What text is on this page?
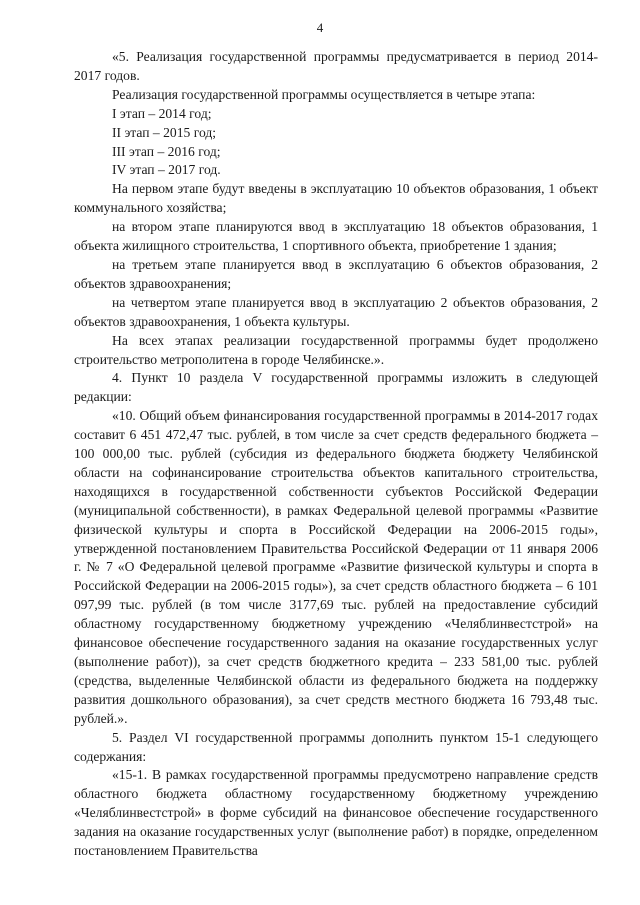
4

«5. Реализация государственной программы предусматривается в период 2014-2017 годов.

Реализация государственной программы осуществляется в четыре этапа:

I этап – 2014 год;

II этап – 2015 год;

III этап – 2016 год;

IV этап – 2017 год.

На первом этапе будут введены в эксплуатацию 10 объектов образования, 1 объект коммунального хозяйства;

на втором этапе планируются ввод в эксплуатацию 18 объектов образования, 1 объекта жилищного строительства, 1 спортивного объекта, приобретение 1 здания;

на третьем этапе планируется ввод в эксплуатацию 6 объектов образования, 2 объектов здравоохранения;

на четвертом этапе планируется ввод в эксплуатацию 2 объектов образования, 2 объектов здравоохранения, 1 объекта культуры.

На всех этапах реализации государственной программы будет продолжено строительство метрополитена в городе Челябинске.».

4. Пункт 10 раздела V государственной программы изложить в следующей редакции:

«10. Общий объем финансирования государственной программы в 2014-2017 годах составит 6 451 472,47 тыс. рублей, в том числе за счет средств федерального бюджета – 100 000,00 тыс. рублей (субсидия из федерального бюджета бюджету Челябинской области на софинансирование строительства объектов капитального строительства, находящихся в государственной собственности субъектов Российской Федерации (муниципальной собственности), в рамках Федеральной целевой программы «Развитие физической культуры и спорта в Российской Федерации на 2006-2015 годы», утвержденной постановлением Правительства Российской Федерации от 11 января 2006 г. № 7 «О Федеральной целевой программе «Развитие физической культуры и спорта в Российской Федерации на 2006-2015 годы»), за счет средств областного бюджета – 6 101 097,99 тыс. рублей (в том числе 3177,69 тыс. рублей на предоставление субсидий областному государственному бюджетному учреждению «Челяблинвестстрой» на финансовое обеспечение государственного задания на оказание государственных услуг (выполнение работ)), за счет средств бюджетного кредита – 233 581,00 тыс. рублей (средства, выделенные Челябинской области из федерального бюджета на поддержку развития дошкольного образования), за счет средств местного бюджета 16 793,48 тыс. рублей.».

5. Раздел VI государственной программы дополнить пунктом 15-1 следующего содержания:

«15-1. В рамках государственной программы предусмотрено направление средств областного бюджета областному государственному бюджетному учреждению «Челяблинвестстрой» в форме субсидий на финансовое обеспечение государственного задания на оказание государственных услуг (выполнение работ) в порядке, определенном постановлением Правительства
